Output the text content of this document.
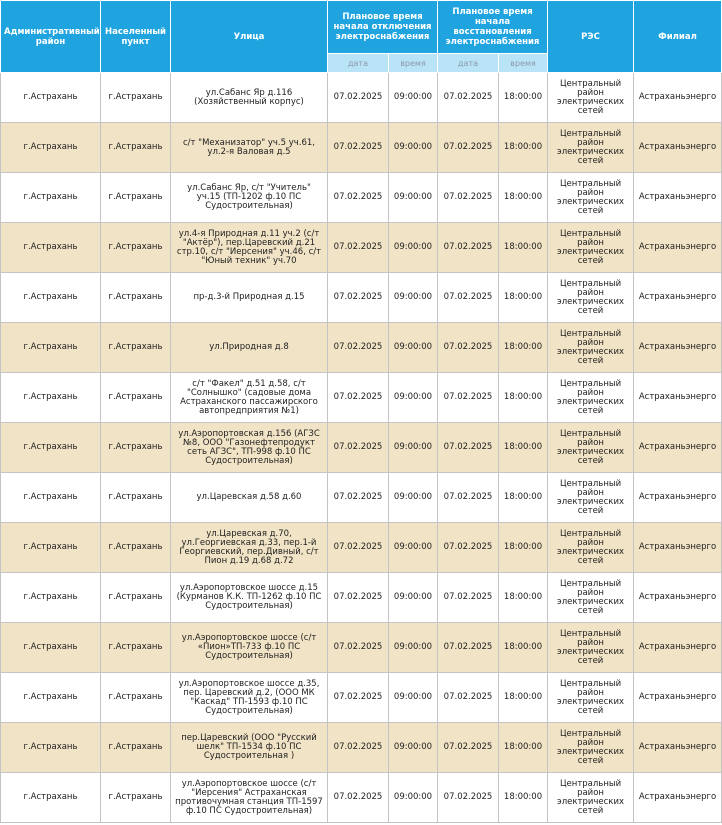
Административный район	Населенный пункт	Улица	Плановое время начала отключения электроснабжения		Плановое время начала восстановления электроснабжения		РЭС	Филиал
			дата	время	дата	время		
г.Астрахань	г.Астрахань	ул.Сабанс Яр д.116 (Хозяйственный корпус)	07.02.2025	09:00:00	07.02.2025	18:00:00	Центральный район электрических сетей	Астраханьэнерго
г.Астрахань	г.Астрахань	с/т "Механизатор" уч.5 уч.61, ул.2-я Валовая д.5	07.02.2025	09:00:00	07.02.2025	18:00:00	Центральный район электрических сетей	Астраханьэнерго
г.Астрахань	г.Астрахань	ул.Сабанс Яр, с/т "Учитель" уч.15 (ТП-1202 ф.10 ПС Судостроительная)	07.02.2025	09:00:00	07.02.2025	18:00:00	Центральный район электрических сетей	Астраханьэнерго
г.Астрахань	г.Астрахань	ул.4-я Природная д.11 уч.2 (с/т "Актёр"), пер.Царевский д.21 стр.10, с/т "Иерсения" уч.46, с/т "Юный техник" уч.70	07.02.2025	09:00:00	07.02.2025	18:00:00	Центральный район электрических сетей	Астраханьэнерго
г.Астрахань	г.Астрахань	пр-д.3-й Природная д.15	07.02.2025	09:00:00	07.02.2025	18:00:00	Центральный район электрических сетей	Астраханьэнерго
г.Астрахань	г.Астрахань	ул.Природная д.8	07.02.2025	09:00:00	07.02.2025	18:00:00	Центральный район электрических сетей	Астраханьэнерго
г.Астрахань	г.Астрахань	с/т "Факел" д.51 д.58, с/т "Солнышко" (садовые дома Астраханского пассажирского автопредприятия №1)	07.02.2025	09:00:00	07.02.2025	18:00:00	Центральный район электрических сетей	Астраханьэнерго
г.Астрахань	г.Астрахань	ул.Аэропортовская д.156 (АГЗС №8, ООО "Газонефтепродукт сеть АГЗС", ТП-998 ф.10 ПС Судостроительная)	07.02.2025	09:00:00	07.02.2025	18:00:00	Центральный район электрических сетей	Астраханьэнерго
г.Астрахань	г.Астрахань	ул.Царевская д.58 д.60	07.02.2025	09:00:00	07.02.2025	18:00:00	Центральный район электрических сетей	Астраханьэнерго
г.Астрахань	г.Астрахань	ул.Царевская д.70, ул.Георгиевская д.33, пер.1-й Георгиевский, пер.Дивный, с/т Пион д.19 д.68 д.72	07.02.2025	09:00:00	07.02.2025	18:00:00	Центральный район электрических сетей	Астраханьэнерго
г.Астрахань	г.Астрахань	ул.Аэропортовское шоссе д.15 (Курманов К.К. ТП-1262 ф.10 ПС Судостроительная)	07.02.2025	09:00:00	07.02.2025	18:00:00	Центральный район электрических сетей	Астраханьэнерго
г.Астрахань	г.Астрахань	ул.Аэропортовское шоссе (с/т «Пион»ТП-733 ф.10 ПС Судостроительная)	07.02.2025	09:00:00	07.02.2025	18:00:00	Центральный район электрических сетей	Астраханьэнерго
г.Астрахань	г.Астрахань	ул.Аэропортовское шоссе д.35, пер. Царевский д.2, (ООО МК "Каскад" ТП-1593 ф.10 ПС Судостроительная)	07.02.2025	09:00:00	07.02.2025	18:00:00	Центральный район электрических сетей	Астраханьэнерго
г.Астрахань	г.Астрахань	пер.Царевский (ООО "Русский шелк" ТП-1534 ф.10 ПС Судостроительная )	07.02.2025	09:00:00	07.02.2025	18:00:00	Центральный район электрических сетей	Астраханьэнерго
г.Астрахань	г.Астрахань	ул.Аэропортовское шоссе (с/т "Иерсения" Астраханская противочумная станция ТП-1597 ф.10 ПС Судостроительная)	07.02.2025	09:00:00	07.02.2025	18:00:00	Центральный район электрических сетей	Астраханьэнерго
